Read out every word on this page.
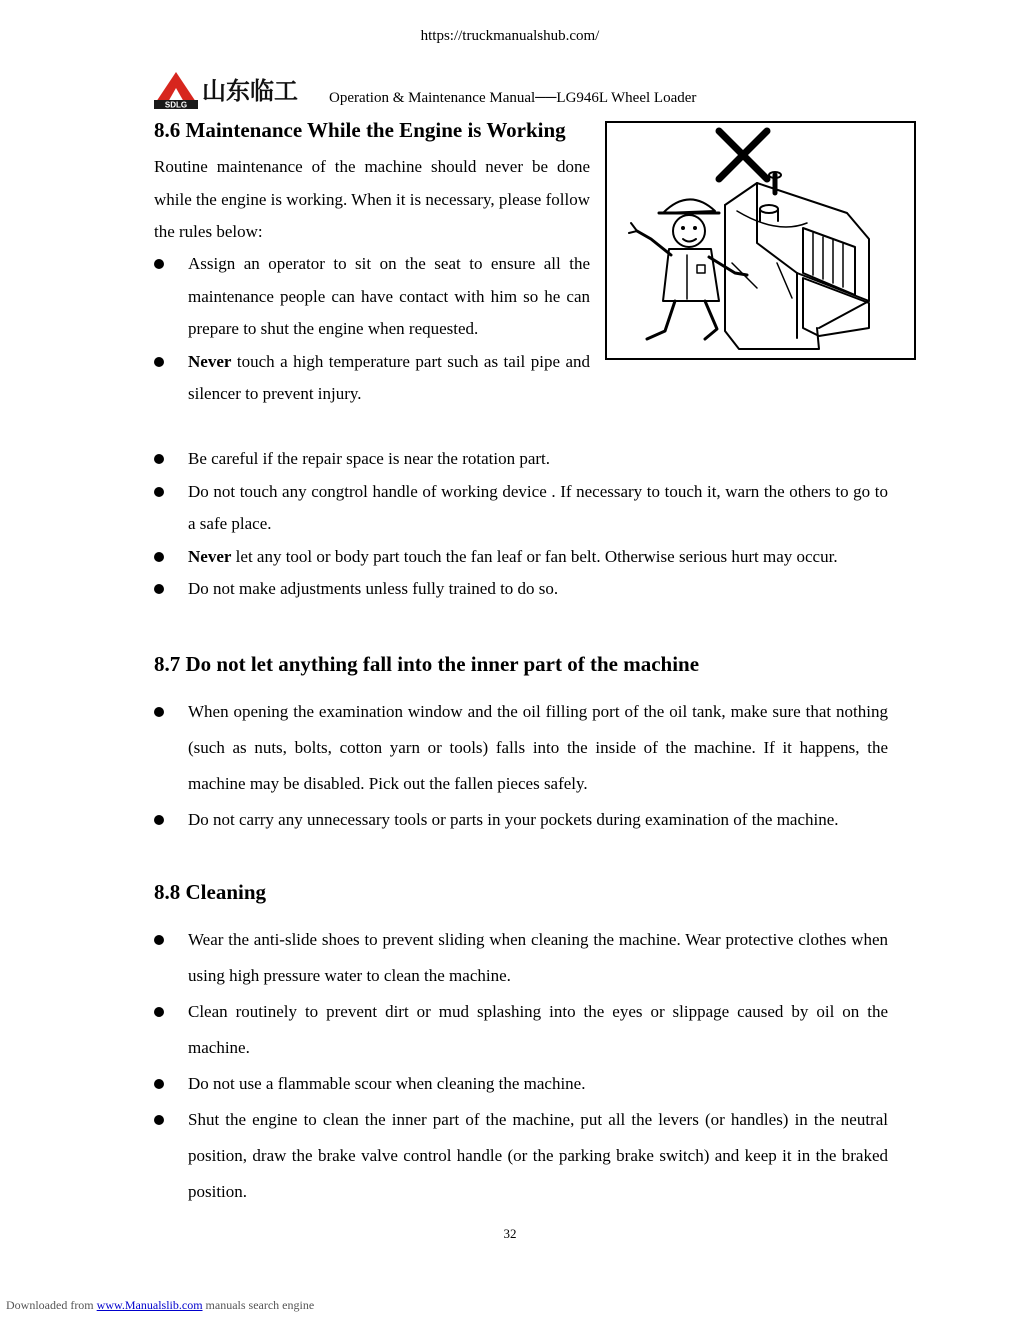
https://truckmanualshub.com/
SDLG 山东临工 Operation & Maintenance Manual──LG946L Wheel Loader
8.6 Maintenance While the Engine is Working
Routine maintenance of the machine should never be done while the engine is working. When it is necessary, please follow the rules below:
Assign an operator to sit on the seat to ensure all the maintenance people can have contact with him so he can prepare to shut the engine when requested.
Never touch a high temperature part such as tail pipe and silencer to prevent injury.
Be careful if the repair space is near the rotation part.
Do not touch any congtrol handle of working device . If necessary to touch it, warn the others to go to a safe place.
Never let any tool or body part touch the fan leaf or fan belt. Otherwise serious hurt may occur.
Do not make adjustments unless fully trained to do so.
8.7 Do not let anything fall into the inner part of the machine
When opening the examination window and the oil filling port of the oil tank, make sure that nothing (such as nuts, bolts, cotton yarn or tools) falls into the inside of the machine. If it happens, the machine may be disabled. Pick out the fallen pieces safely.
Do not carry any unnecessary tools or parts in your pockets during examination of the machine.
8.8 Cleaning
Wear the anti-slide shoes to prevent sliding when cleaning the machine. Wear protective clothes when using high pressure water to clean the machine.
Clean routinely to prevent dirt or mud splashing into the eyes or slippage caused by oil on the machine.
Do not use a flammable scour when cleaning the machine.
Shut the engine to clean the inner part of the machine, put all the levers (or handles) in the neutral position, draw the brake valve control handle (or the parking brake switch) and keep it in the braked position.
32
Downloaded from www.Manualslib.com manuals search engine
